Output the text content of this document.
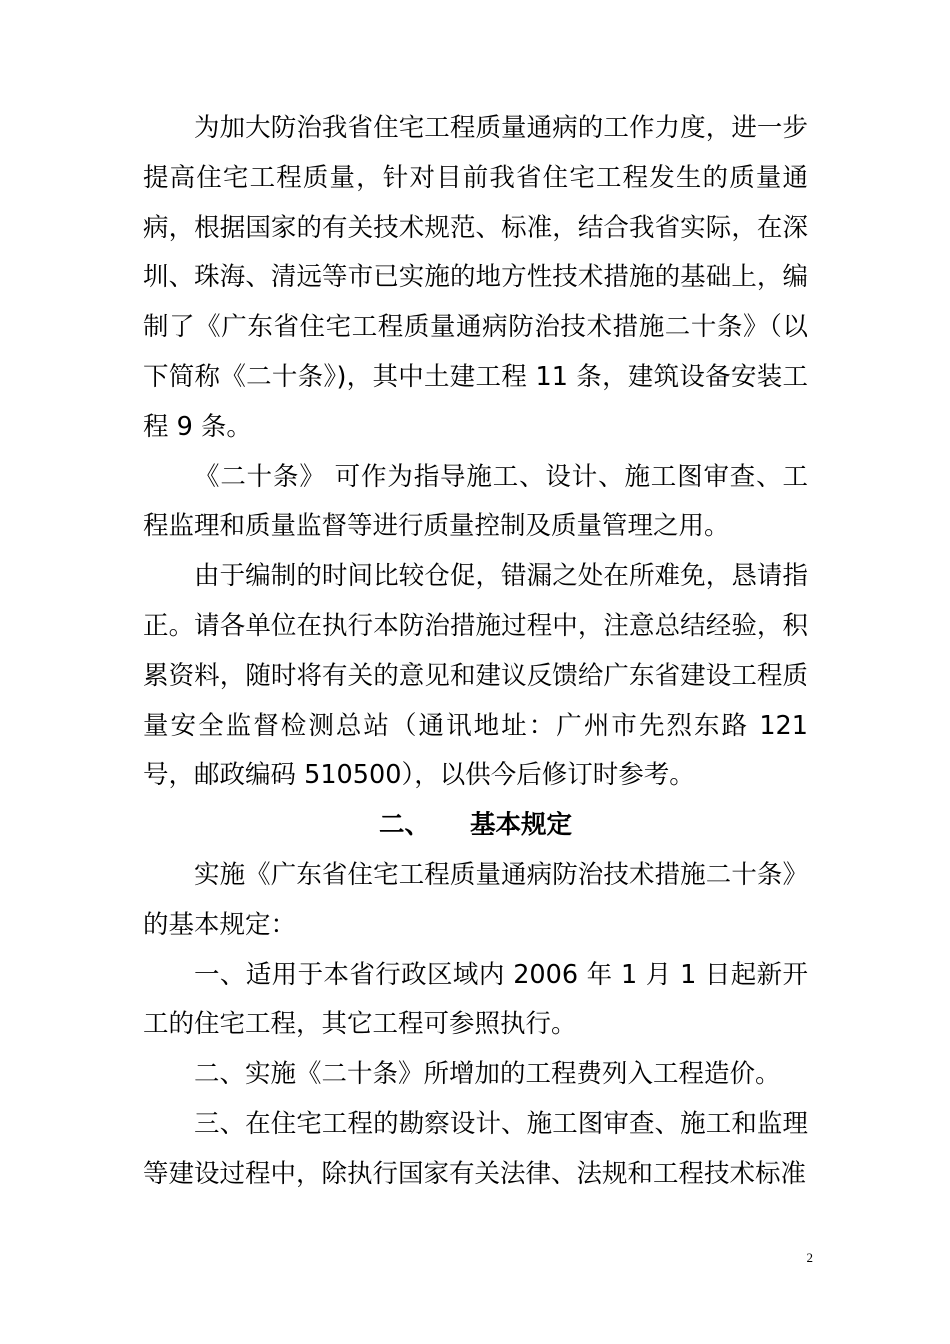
为加大防治我省住宅工程质量通病的工作力度，进一步提高住宅工程质量，针对目前我省住宅工程发生的质量通病，根据国家的有关技术规范、标准，结合我省实际，在深圳、珠海、清远等市已实施的地方性技术措施的基础上，编制了《广东省住宅工程质量通病防治技术措施二十条》（以下简称《二十条》)，其中土建工程 11 条，建筑设备安装工程 9 条。

《二十条》 可作为指导施工、设计、施工图审查、工程监理和质量监督等进行质量控制及质量管理之用。

由于编制的时间比较仓促，错漏之处在所难免，恳请指正。请各单位在执行本防治措施过程中，注意总结经验，积累资料，随时将有关的意见和建议反馈给广东省建设工程质量安全监督检测总站（通讯地址：广州市先烈东路 121 号，邮政编码 510500），以供今后修订时参考。

二、 基本规定

实施《广东省住宅工程质量通病防治技术措施二十条》的基本规定：

一、适用于本省行政区域内 2006 年 1 月 1 日起新开工的住宅工程，其它工程可参照执行。

二、实施《二十条》所增加的工程费列入工程造价。

三、在住宅工程的勘察设计、施工图审查、施工和监理等建设过程中，除执行国家有关法律、法规和工程技术标准

2
